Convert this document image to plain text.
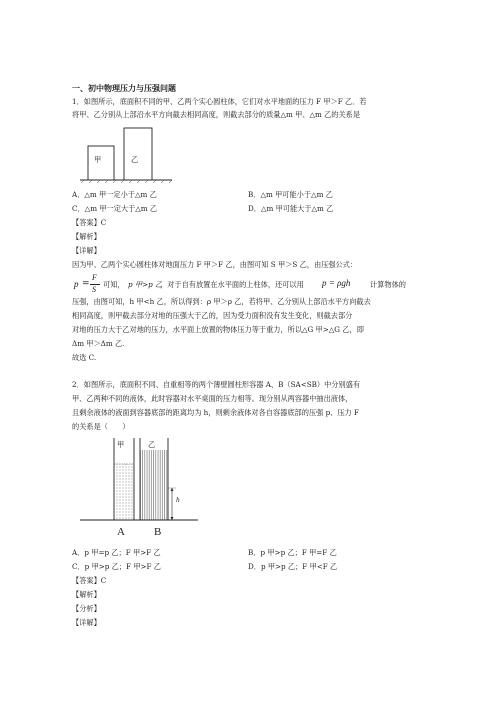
一、初中物理压力与压强问题
1．如图所示，底面积不同的甲、乙两个实心圆柱体，它们对水平地面的压力 F 甲＞F 乙．若
将甲、乙分别从上部沿水平方向截去相同高度，则截去部分的质量△m 甲、△m 乙的关系是
甲	乙
A．△m 甲一定小于△m 乙	B．△m 甲可能小于△m 乙
C．△m 甲一定大于△m 乙	D．△m 甲可能大于△m 乙
【答案】C
【解析】
【详解】
因为甲、乙两个实心圆柱体对地面压力 F 甲＞F 乙，由图可知 S 甲＞S 乙，由压强公式：
p =
F
S
可知， p 甲>p 乙
，对于自有放置在水平面的上柱体，还可以用 p = ρgh	计算物体的
压强，由图可知，h 甲<h 乙，所以得到：ρ 甲＞ρ 乙，若将甲、乙分别从上部沿水平方向截去
相同高度，则甲截去部分对地的压强大于乙的，因为受力面积没有发生变化，则截去部分
对地的压力大于乙对地的压力，水平面上放置的物体压力等于重力，所以△G 甲>△G 乙，即
Δm 甲＞Δm 乙.
故选 C.
2．如图所示，底面积不同、自重相等的两个薄壁圆柱形容器 A、B（SA<SB）中分别盛有
甲、乙两种不同的液体，此时容器对水平桌面的压力相等。现分别从两容器中抽出液体，
且剩余液体的液面到容器底部的距离均为 h，则剩余液体对各自容器底部的压强 p、压力 F
的关系是（　　）
甲	乙
h
A	B
A．p 甲=p 乙；F 甲>F 乙	B．p 甲>p 乙；F 甲=F 乙
C．p 甲>p 乙；F 甲>F 乙	D．p 甲>p 乙；F 甲<F 乙
【答案】C
【解析】
【分析】
【详解】
